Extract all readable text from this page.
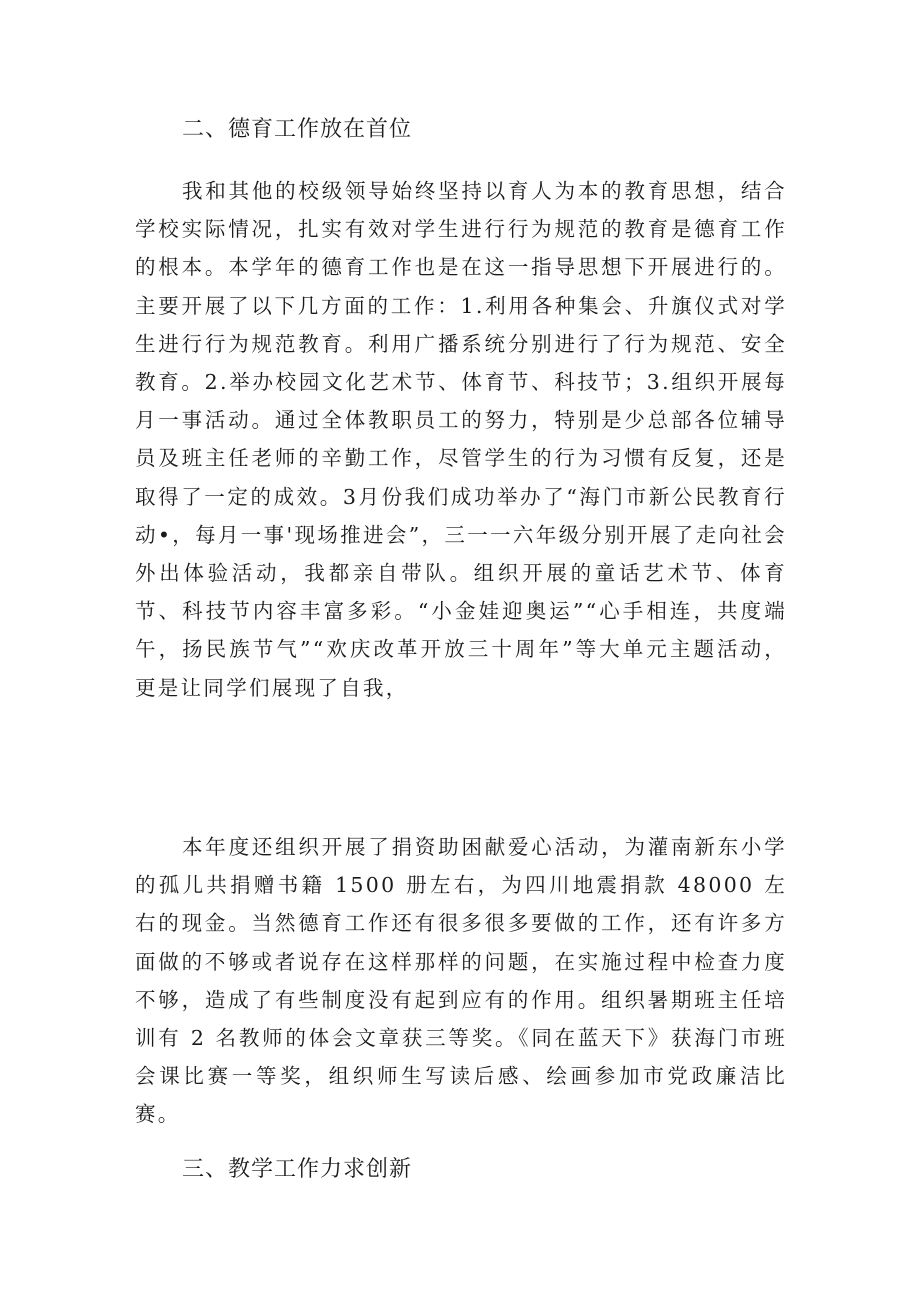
二、德育工作放在首位

我和其他的校级领导始终坚持以育人为本的教育思想，结合学校实际情况，扎实有效对学生进行行为规范的教育是德育工作的根本。本学年的德育工作也是在这一指导思想下开展进行的。主要开展了以下几方面的工作：1.利用各种集会、升旗仪式对学生进行行为规范教育。利用广播系统分别进行了行为规范、安全教育。2.举办校园文化艺术节、体育节、科技节；3.组织开展每月一事活动。通过全体教职员工的努力，特别是少总部各位辅导员及班主任老师的辛勤工作，尽管学生的行为习惯有反复，还是取得了一定的成效。3月份我们成功举办了“海门市新公民教育行动•，每月一事'现场推进会”，三一一六年级分别开展了走向社会外出体验活动，我都亲自带队。组织开展的童话艺术节、体育节、科技节内容丰富多彩。“小金娃迎奥运”“心手相连，共度端午，扬民族节气”“欢庆改革开放三十周年”等大单元主题活动，更是让同学们展现了自我，

本年度还组织开展了捐资助困献爱心活动，为灌南新东小学的孤儿共捐赠书籍 1500 册左右，为四川地震捐款 48000 左右的现金。当然德育工作还有很多很多要做的工作，还有许多方面做的不够或者说存在这样那样的问题，在实施过程中检查力度不够，造成了有些制度没有起到应有的作用。组织暑期班主任培训有 2 名教师的体会文章获三等奖。《同在蓝天下》获海门市班会课比赛一等奖，组织师生写读后感、绘画参加市党政廉洁比赛。

三、教学工作力求创新
